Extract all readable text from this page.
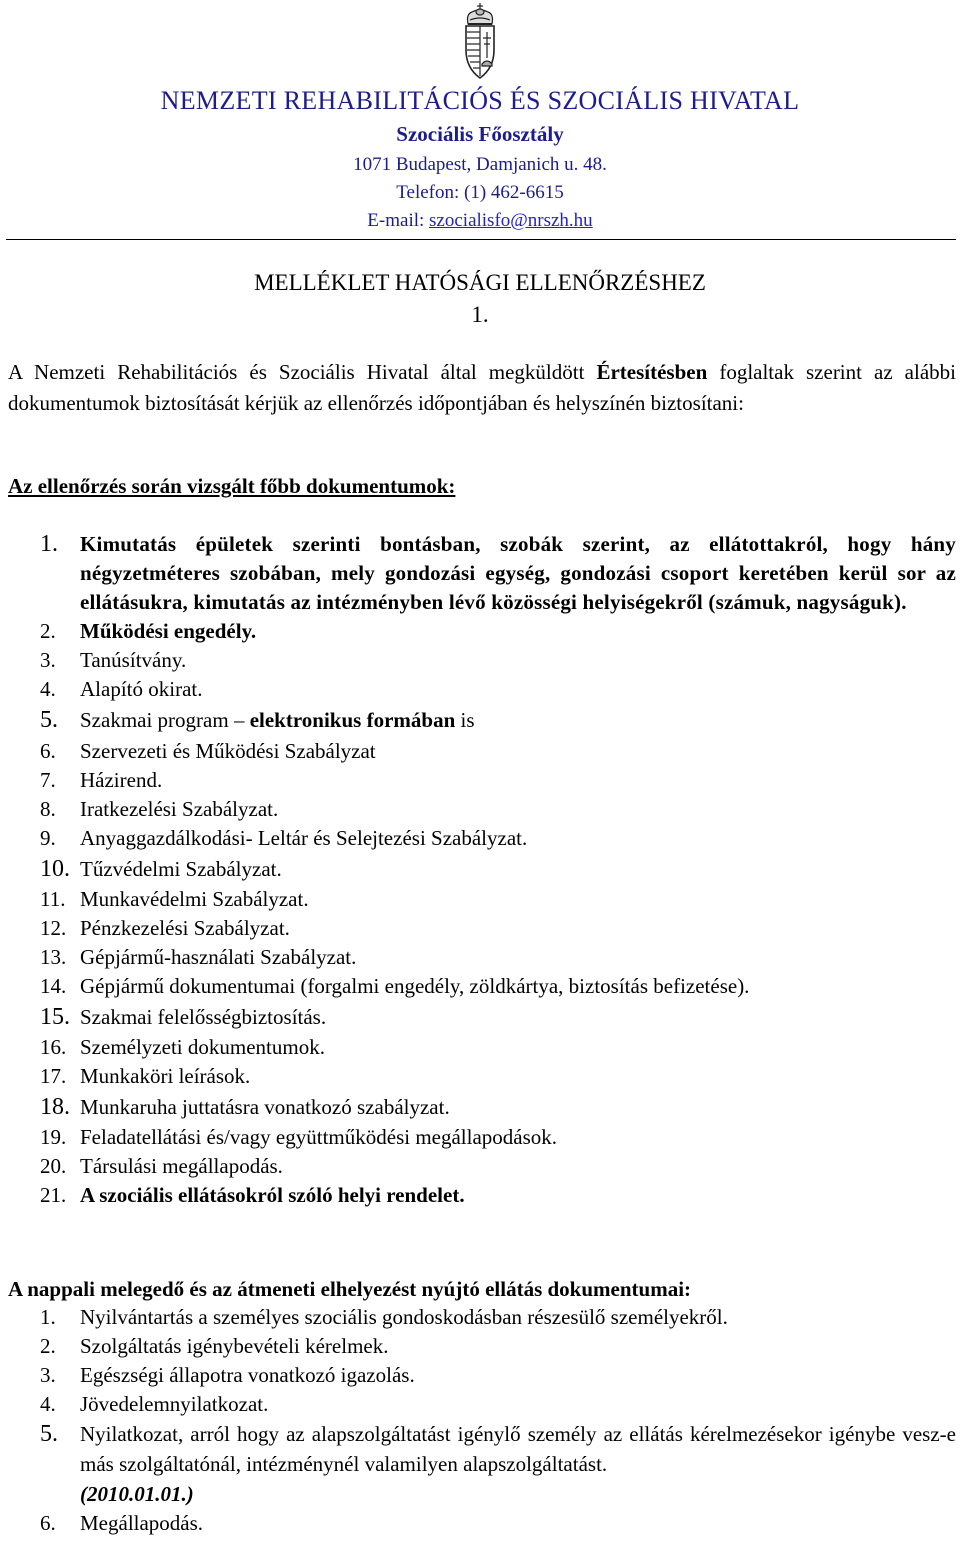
NEMZETI REHABILITÁCIÓS ÉS SZOCIÁLIS HIVATAL
Szociális Főosztály
1071 Budapest, Damjanich u. 48.
Telefon: (1) 462-6615
E-mail: szocialisfo@nrszh.hu
MELLÉKLET HATÓSÁGI ELLENŐRZÉSHEZ
1.
A Nemzeti Rehabilitációs és Szociális Hivatal által megküldött Értesítésben foglaltak szerint az alábbi dokumentumok biztosítását kérjük az ellenőrzés időpontjában és helyszínén biztosítani:
Az ellenőrzés során vizsgált főbb dokumentumok:
1. Kimutatás épületek szerinti bontásban, szobák szerint, az ellátottakról, hogy hány négyzetméteres szobában, mely gondozási egység, gondozási csoport keretében kerül sor az ellátásukra, kimutatás az intézményben lévő közösségi helyiségekről (számuk, nagyságuk).
2. Működési engedély.
3. Tanúsítvány.
4. Alapító okirat.
5. Szakmai program – elektronikus formában is
6. Szervezeti és Működési Szabályzat
7. Házirend.
8. Iratkezelési Szabályzat.
9. Anyaggazdálkodási- Leltár és Selejtezési Szabályzat.
10. Tűzvédelmi Szabályzat.
11. Munkavédelmi Szabályzat.
12. Pénzkezelési Szabályzat.
13. Gépjármű-használati Szabályzat.
14. Gépjármű dokumentumai (forgalmi engedély, zöldkártya, biztosítás befizetése).
15. Szakmai felelősségbiztosítás.
16. Személyzeti dokumentumok.
17. Munkaköri leírások.
18. Munkaruha juttatásra vonatkozó szabályzat.
19. Feladatellátási és/vagy együttműködési megállapodások.
20. Társulási megállapodás.
21. A szociális ellátásokról szóló helyi rendelet.
A nappali melegedő és az átmeneti elhelyezést nyújtó ellátás dokumentumai:
1. Nyilvántartás a személyes szociális gondoskodásban részesülő személyekről.
2. Szolgáltatás igénybevételi kérelmek.
3. Egészségi állapotra vonatkozó igazolás.
4. Jövedelemnyilatkozat.
5. Nyilatkozat, arról hogy az alapszolgáltatást igénylő személy az ellátás kérelmezésekor igénybe vesz-e más szolgáltatónál, intézménynél valamilyen alapszolgáltatást.
(2010.01.01.)
6. Megállapodás.
